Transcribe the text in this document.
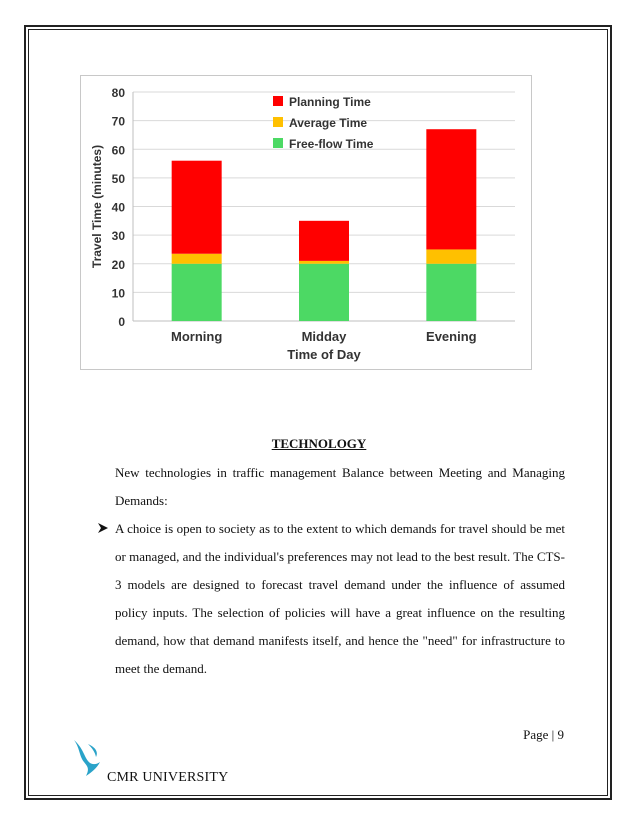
0
10
20
30
40
50
60
70
80
Morning	Midday	Evening
Time of Day
Travel Time (minutes)
Planning Time
Average Time
Free-flow Time
TECHNOLOGY

New technologies in traffic management Balance between Meeting and Managing Demands:

A choice is open to society as to the extent to which demands for travel should be met or managed, and the individual's preferences may not lead to the best result. The CTS-3 models are designed to forecast travel demand under the influence of assumed policy inputs. The selection of policies will have a great influence on the resulting demand, how that demand manifests itself, and hence the "need" for infrastructure to meet the demand.

Page | 9

CMR UNIVERSITY
